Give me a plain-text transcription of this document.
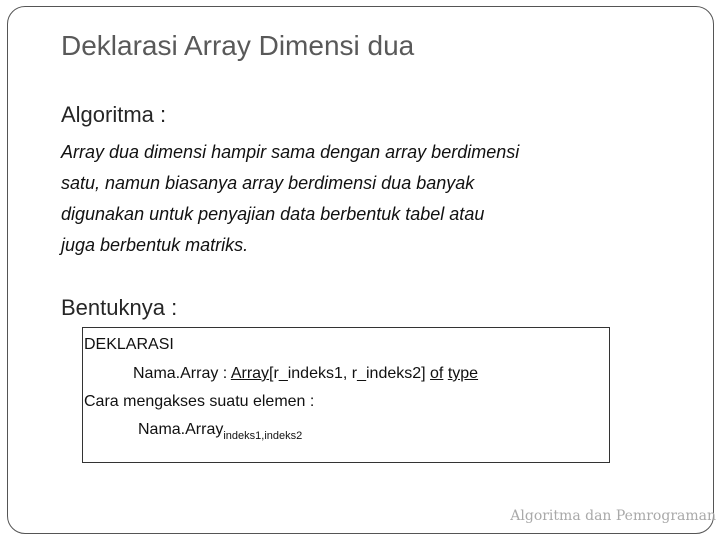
Deklarasi Array Dimensi dua
Algoritma :
Array dua dimensi hampir sama dengan array berdimensi
satu, namun biasanya array berdimensi dua banyak
digunakan untuk penyajian data berbentuk tabel atau
juga berbentuk matriks.
Bentuknya :
DEKLARASI
Nama.Array : Array[r_indeks1, r_indeks2] of type
Cara mengakses suatu elemen :
Nama.Array$_{indeks1,indeks2}$
Algoritma dan Pemrograman
